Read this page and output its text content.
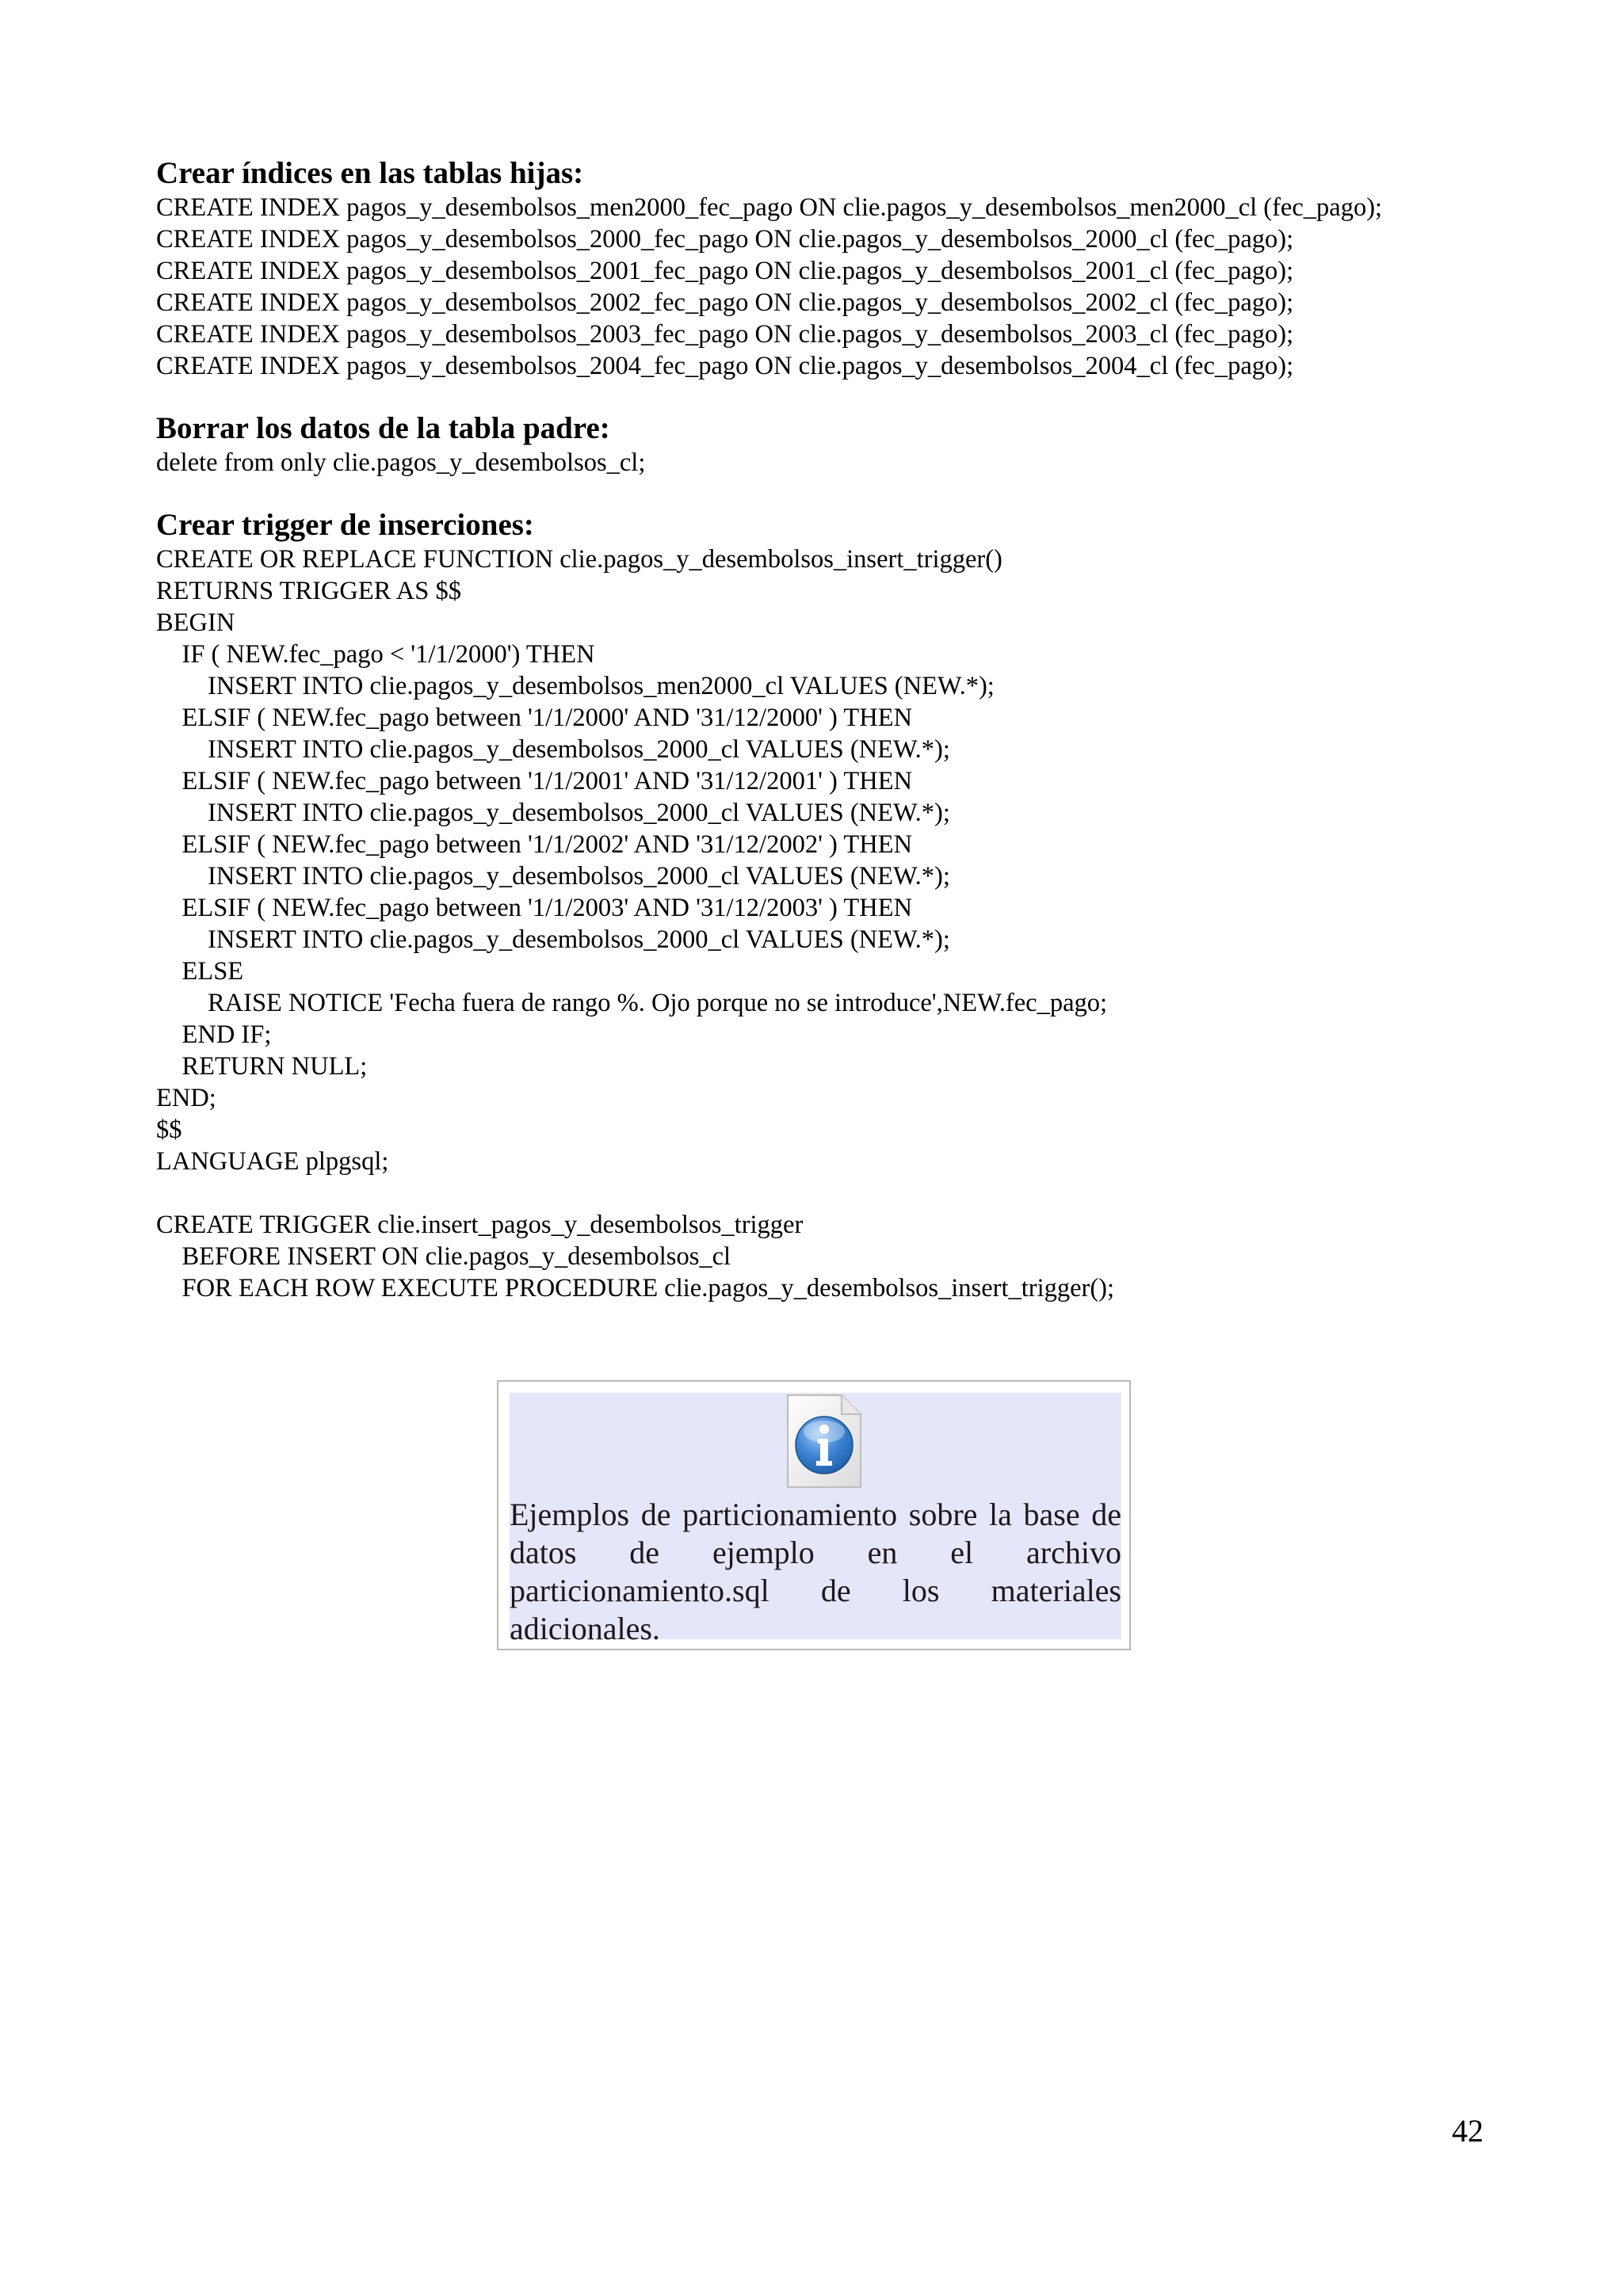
Crear índices en las tablas hijas:
CREATE INDEX pagos_y_desembolsos_men2000_fec_pago ON clie.pagos_y_desembolsos_men2000_cl (fec_pago);
CREATE INDEX pagos_y_desembolsos_2000_fec_pago ON clie.pagos_y_desembolsos_2000_cl (fec_pago);
CREATE INDEX pagos_y_desembolsos_2001_fec_pago ON clie.pagos_y_desembolsos_2001_cl (fec_pago);
CREATE INDEX pagos_y_desembolsos_2002_fec_pago ON clie.pagos_y_desembolsos_2002_cl (fec_pago);
CREATE INDEX pagos_y_desembolsos_2003_fec_pago ON clie.pagos_y_desembolsos_2003_cl (fec_pago);
CREATE INDEX pagos_y_desembolsos_2004_fec_pago ON clie.pagos_y_desembolsos_2004_cl (fec_pago);
Borrar los datos de la tabla padre:
delete from only clie.pagos_y_desembolsos_cl;
Crear trigger de inserciones:
CREATE OR REPLACE FUNCTION clie.pagos_y_desembolsos_insert_trigger()
RETURNS TRIGGER AS $$
BEGIN
IF ( NEW.fec_pago < '1/1/2000') THEN
INSERT INTO clie.pagos_y_desembolsos_men2000_cl VALUES (NEW.*);
ELSIF ( NEW.fec_pago between '1/1/2000' AND '31/12/2000' ) THEN
INSERT INTO clie.pagos_y_desembolsos_2000_cl VALUES (NEW.*);
ELSIF ( NEW.fec_pago between '1/1/2001' AND '31/12/2001' ) THEN
INSERT INTO clie.pagos_y_desembolsos_2000_cl VALUES (NEW.*);
ELSIF ( NEW.fec_pago between '1/1/2002' AND '31/12/2002' ) THEN
INSERT INTO clie.pagos_y_desembolsos_2000_cl VALUES (NEW.*);
ELSIF ( NEW.fec_pago between '1/1/2003' AND '31/12/2003' ) THEN
INSERT INTO clie.pagos_y_desembolsos_2000_cl VALUES (NEW.*);
ELSE
RAISE NOTICE 'Fecha fuera de rango %. Ojo porque no se introduce',NEW.fec_pago;
END IF;
RETURN NULL;
END;
$$
LANGUAGE plpgsql;
CREATE TRIGGER clie.insert_pagos_y_desembolsos_trigger
BEFORE INSERT ON clie.pagos_y_desembolsos_cl
FOR EACH ROW EXECUTE PROCEDURE clie.pagos_y_desembolsos_insert_trigger();

Ejemplos de particionamiento sobre la base de datos de ejemplo en el archivo particionamiento.sql de los materiales adicionales.

42
